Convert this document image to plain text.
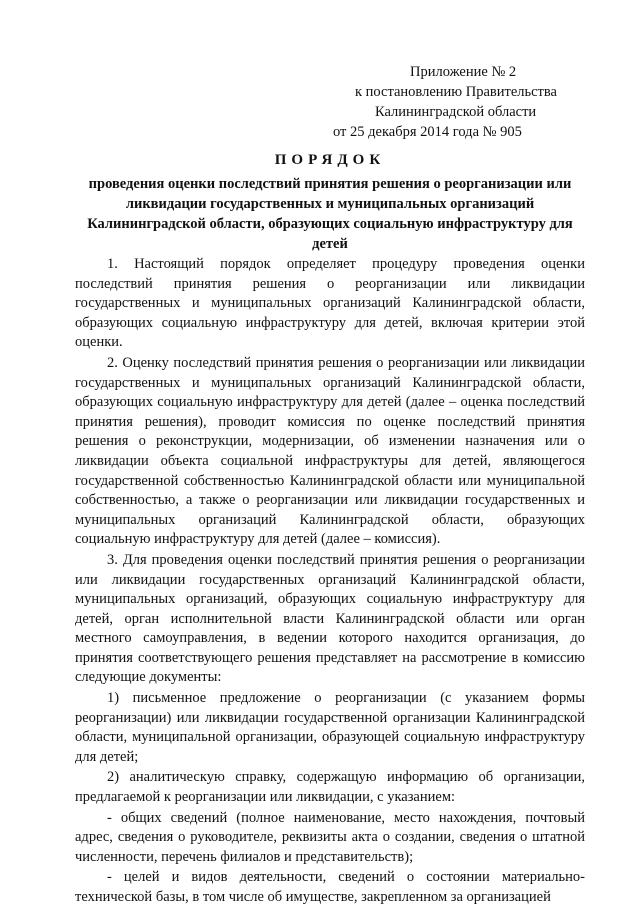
Приложение № 2
к постановлению Правительства
Калининградской области
от 25 декабря 2014 года № 905
ПОРЯДОК
проведения оценки последствий принятия решения о реорганизации или ликвидации государственных и муниципальных организаций Калининградской области, образующих социальную инфраструктуру для детей

1. Настоящий порядок определяет процедуру проведения оценки последствий принятия решения о реорганизации или ликвидации государственных и муниципальных организаций Калининградской области, образующих социальную инфраструктуру для детей, включая критерии этой оценки.

2. Оценку последствий принятия решения о реорганизации или ликвидации государственных и муниципальных организаций Калининградской области, образующих социальную инфраструктуру для детей (далее – оценка последствий принятия решения), проводит комиссия по оценке последствий принятия решения о реконструкции, модернизации, об изменении назначения или о ликвидации объекта социальной инфраструктуры для детей, являющегося государственной собственностью Калининградской области или муниципальной собственностью, а также о реорганизации или ликвидации государственных и муниципальных организаций Калининградской области, образующих социальную инфраструктуру для детей (далее – комиссия).

3. Для проведения оценки последствий принятия решения о реорганизации или ликвидации государственных организаций Калининградской области, муниципальных организаций, образующих социальную инфраструктуру для детей, орган исполнительной власти Калининградской области или орган местного самоуправления, в ведении которого находится организация, до принятия соответствующего решения представляет на рассмотрение в комиссию следующие документы:

1) письменное предложение о реорганизации (с указанием формы реорганизации) или ликвидации государственной организации Калининградской области, муниципальной организации, образующей социальную инфраструктуру для детей;

2) аналитическую справку, содержащую информацию об организации, предлагаемой к реорганизации или ликвидации, с указанием:

- общих сведений (полное наименование, место нахождения, почтовый адрес, сведения о руководителе, реквизиты акта о создании, сведения о штатной численности, перечень филиалов и представительств);

- целей и видов деятельности, сведений о состоянии материально-технической базы, в том числе об имуществе, закрепленном за организацией
